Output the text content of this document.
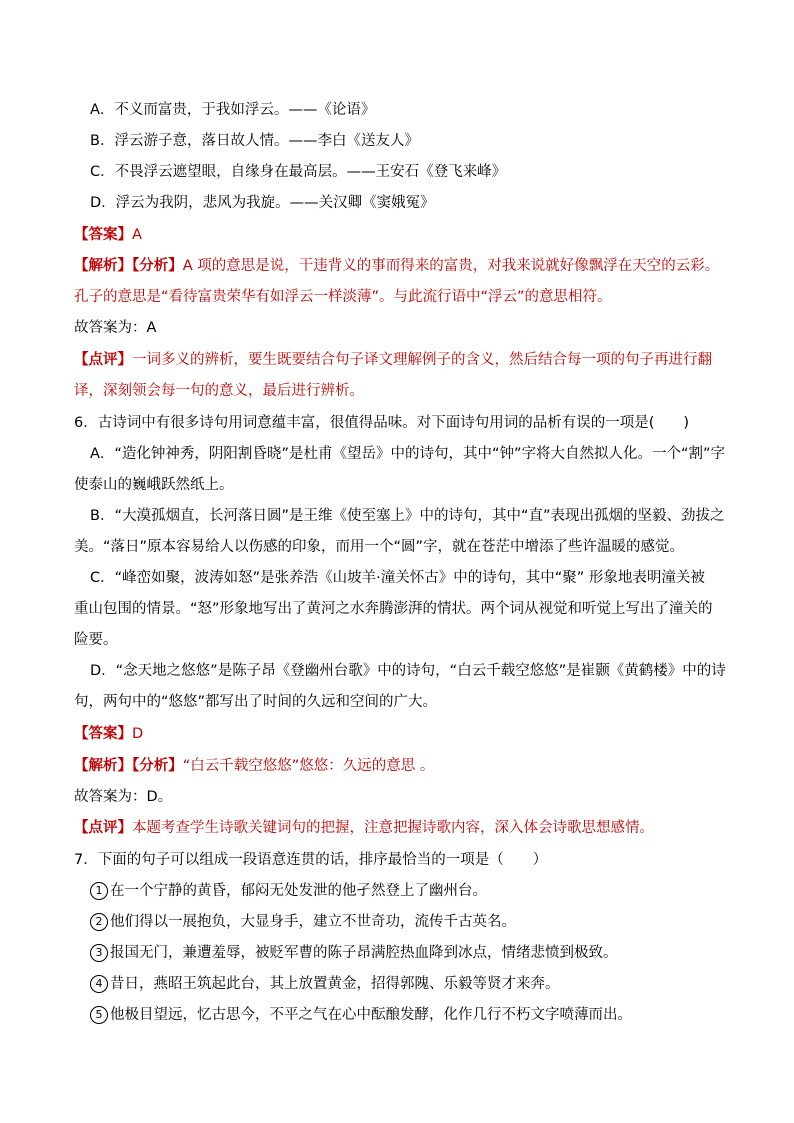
A．不义而富贵，于我如浮云。——《论语》
B．浮云游子意，落日故人情。——李白《送友人》
C．不畏浮云遮望眼，自缘身在最高层。——王安石《登飞来峰》
D．浮云为我阴，悲风为我旋。——关汉卿《窦娥冤》
【答案】A
【解析】【分析】A 项的意思是说，干违背义的事而得来的富贵，对我来说就好像飘浮在天空的云彩。
孔子的意思是“看待富贵荣华有如浮云一样淡薄”。与此流行语中“浮云”的意思相符。
故答案为：A
【点评】一词多义的辨析，要生既要结合句子译文理解例子的含义，然后结合每一项的句子再进行翻
译，深刻领会每一句的意义，最后进行辨析。
6．古诗词中有很多诗句用词意蕴丰富，很值得品味。对下面诗句用词的品析有误的一项是(　　)
A．“造化钟神秀，阴阳割昏晓”是杜甫《望岳》中的诗句，其中“钟”字将大自然拟人化。一个“割”字
使泰山的巍峨跃然纸上。
B．“大漠孤烟直，长河落日圆”是王维《使至塞上》中的诗句，其中“直”表现出孤烟的坚毅、劲拔之
美。“落日”原本容易给人以伤感的印象，而用一个“圆”字，就在苍茫中增添了些许温暖的感觉。
C．“峰峦如聚，波涛如怒”是张养浩《山坡羊·潼关怀古》中的诗句，其中“聚” 形象地表明潼关被
重山包围的情景。“怒”形象地写出了黄河之水奔腾澎湃的情状。两个词从视觉和听觉上写出了潼关的
险要。
D．“念天地之悠悠”是陈子昂《登幽州台歌》中的诗句，“白云千载空悠悠”是崔颢《黄鹤楼》中的诗
句，两句中的“悠悠”都写出了时间的久远和空间的广大。
【答案】D
【解析】【分析】“白云千载空悠悠”悠悠：久远的意思 。
故答案为：D。
【点评】本题考查学生诗歌关键词句的把握，注意把握诗歌内容，深入体会诗歌思想感情。
7．下面的句子可以组成一段语意连贯的话，排序最恰当的一项是（　　）
1 在一个宁静的黄昏，郁闷无处发泄的他孑然登上了幽州台。
2 他们得以一展抱负，大显身手，建立不世奇功，流传千古英名。
3 报国无门，兼遭羞辱，被贬军曹的陈子昂满腔热血降到冰点，情绪悲愤到极致。
4 昔日，燕昭王筑起此台，其上放置黄金，招得郭隗、乐毅等贤才来奔。
5 他极目望远，忆古思今，不平之气在心中酝酿发酵，化作几行不朽文字喷薄而出。
